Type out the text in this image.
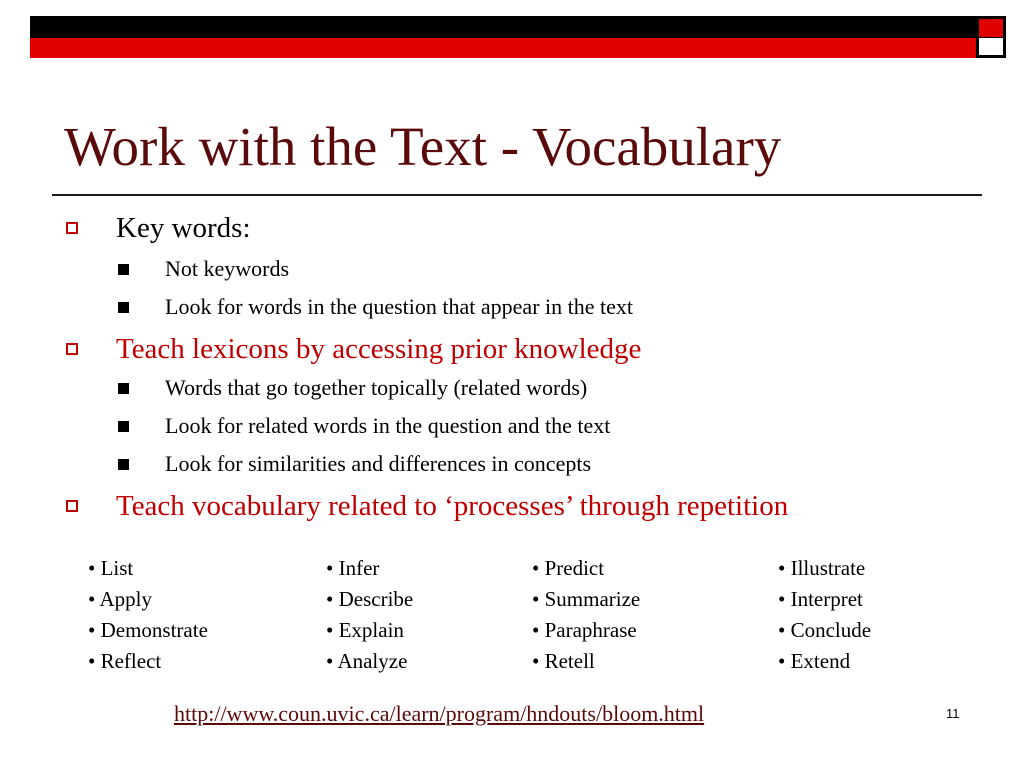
Work with the Text - Vocabulary
Key words:
Not keywords
Look for words in the question that appear in the text
Teach lexicons by accessing prior knowledge
Words that go together topically (related words)
Look for related words in the question and the text
Look for similarities and differences in concepts
Teach vocabulary related to ‘processes’ through repetition
• List
• Apply
• Demonstrate
• Reflect
• Infer
• Describe
• Explain
• Analyze
• Predict
• Summarize
• Paraphrase
• Retell
• Illustrate
• Interpret
• Conclude
• Extend
http://www.coun.uvic.ca/learn/program/hndouts/bloom.html	11
